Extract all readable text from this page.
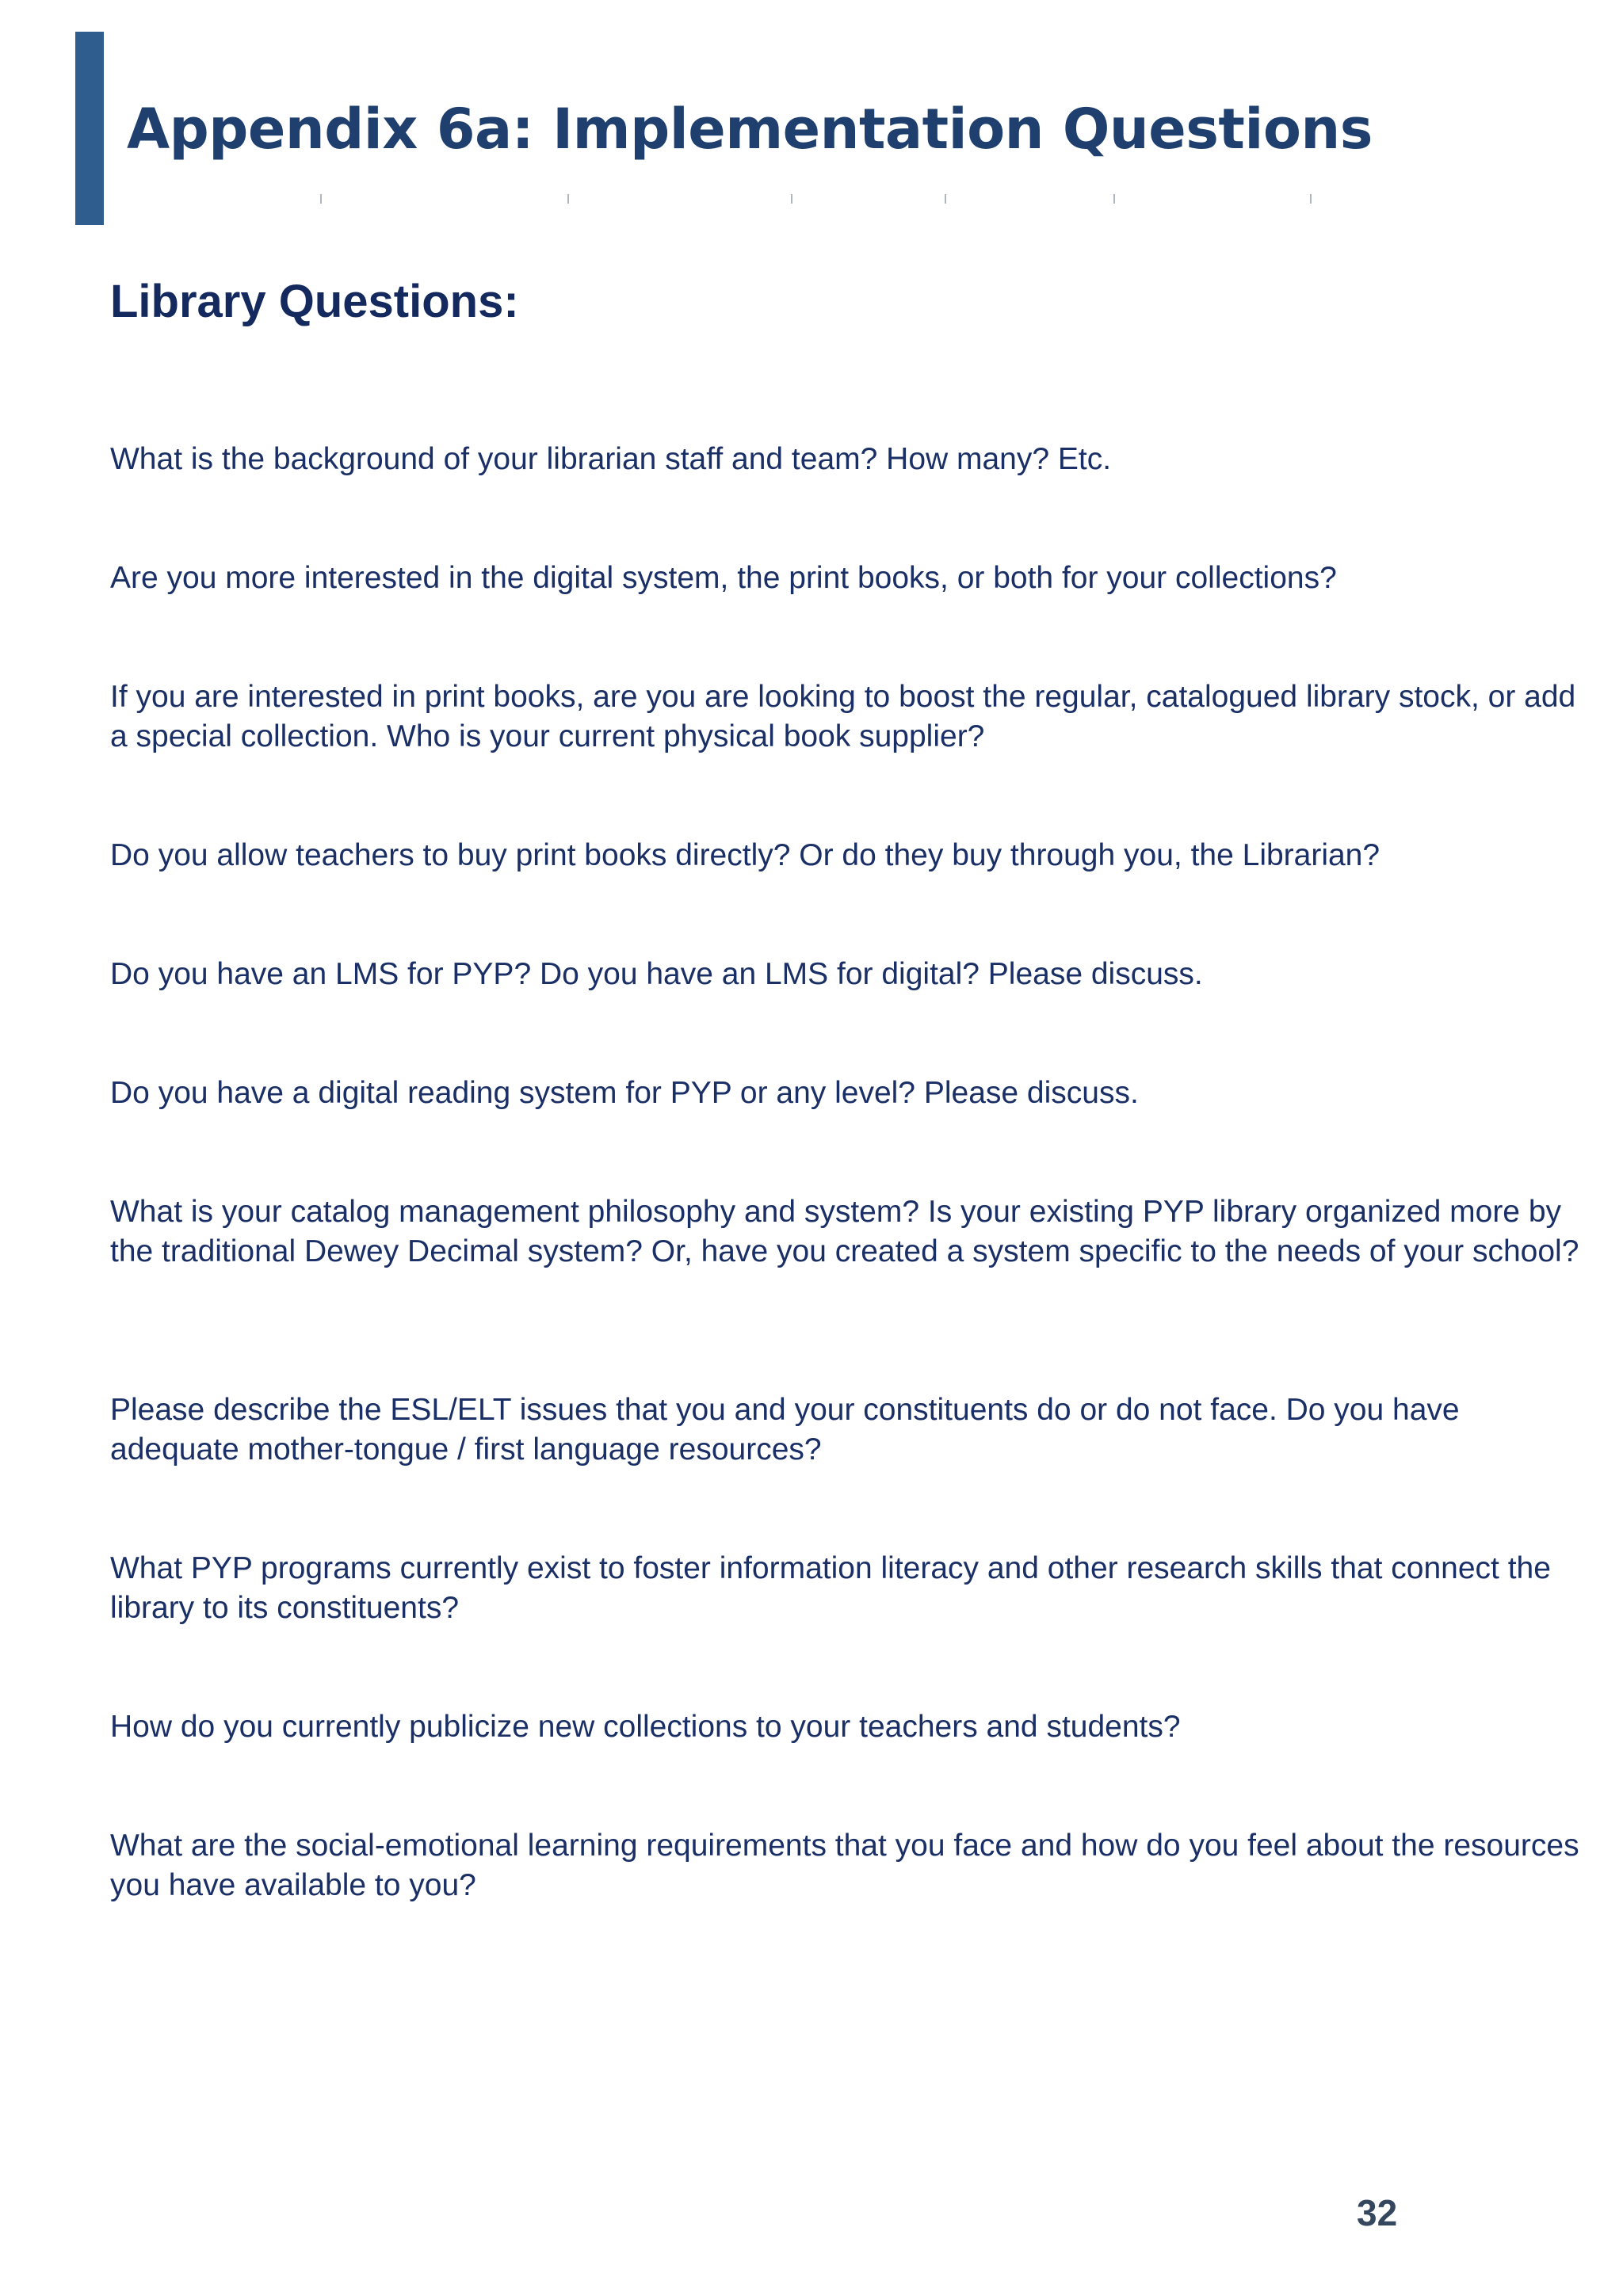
Appendix 6a: Implementation Questions
Library Questions:
What is the background of your librarian staff and team? How many? Etc.
Are you more interested in the digital system, the print books, or both for your collections?
If you are interested in print books, are you are looking to boost the regular, catalogued library stock, or add a special collection. Who is your current physical book supplier?
Do you allow teachers to buy print books directly? Or do they buy through you, the Librarian?
Do you have an LMS for PYP? Do you have an LMS for digital? Please discuss.
Do you have a digital reading system for PYP or any level? Please discuss.
What is your catalog management philosophy and system? Is your existing PYP library organized more by the traditional Dewey Decimal system? Or, have you created a system specific to the needs of your school?
Please describe the ESL/ELT issues that you and your constituents do or do not face. Do you have adequate mother-tongue / first language resources?
What PYP programs currently exist to foster information literacy and other research skills that connect the library to its constituents?
How do you currently publicize new collections to your teachers and students?
What are the social-emotional learning requirements that you face and how do you feel about the resources you have available to you?
32
